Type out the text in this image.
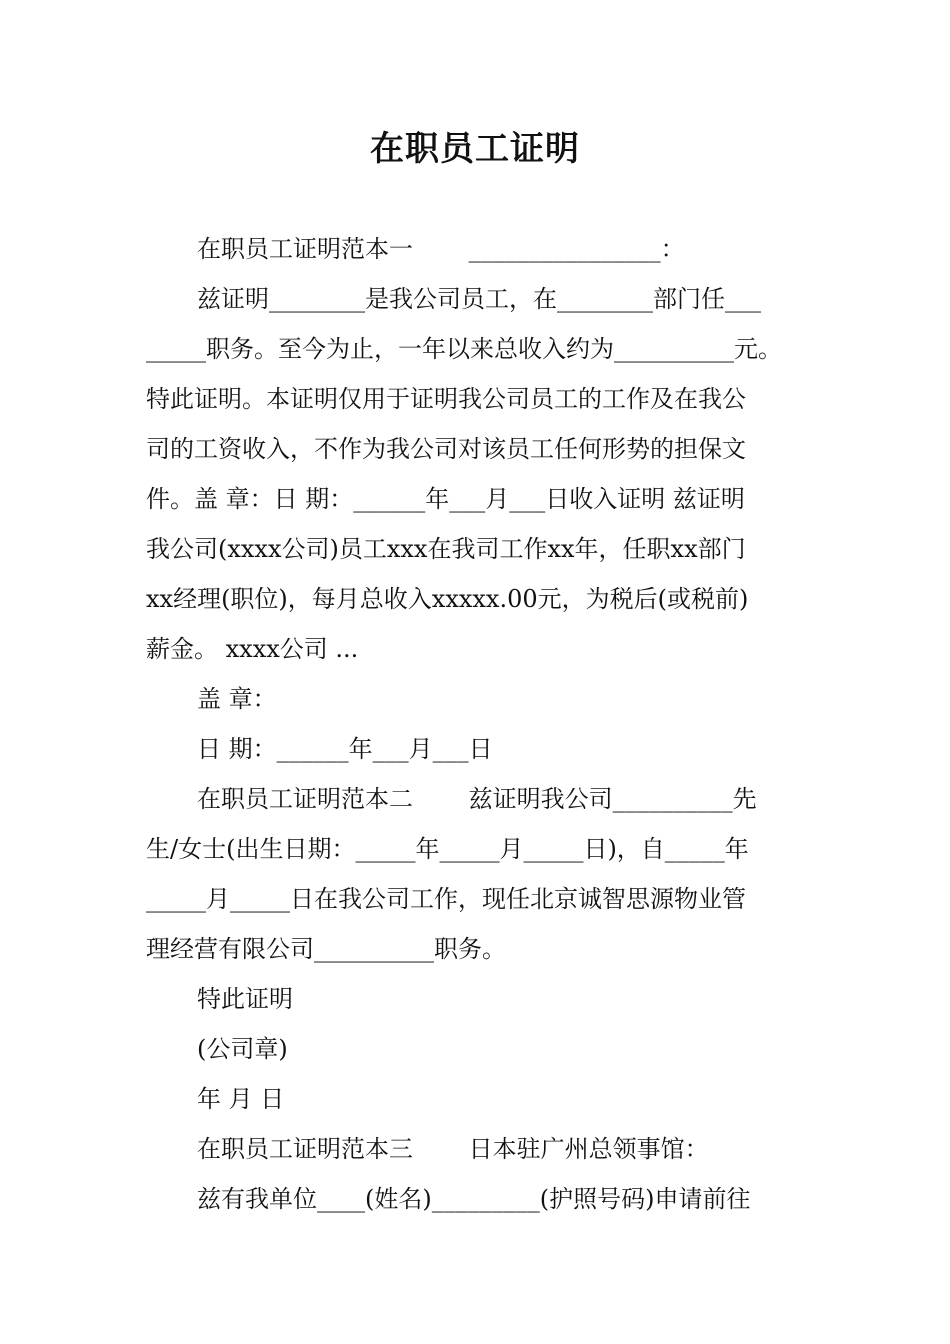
在职员工证明
在职员工证明范本一　　 ________________：
兹证明________是我公司员工，在________部门任___
_____职务。至今为止，一年以来总收入约为__________元。
特此证明。本证明仅用于证明我公司员工的工作及在我公
司的工资收入，不作为我公司对该员工任何形势的担保文
件。盖 章：日 期：______年___月___日收入证明 兹证明
我公司(xxxx公司)员工xxx在我司工作xx年，任职xx部门
xx经理(职位)，每月总收入xxxxx.00元，为税后(或税前)
薪金。 xxxx公司 ...
盖 章：
日 期：______年___月___日
在职员工证明范本二　　 兹证明我公司__________先
生/女士(出生日期：_____年_____月_____日)，自_____年
_____月_____日在我公司工作，现任北京诚智思源物业管
理经营有限公司__________职务。
特此证明
(公司章)
年 月 日
在职员工证明范本三　　 日本驻广州总领事馆：
兹有我单位____(姓名)_________(护照号码)申请前往
